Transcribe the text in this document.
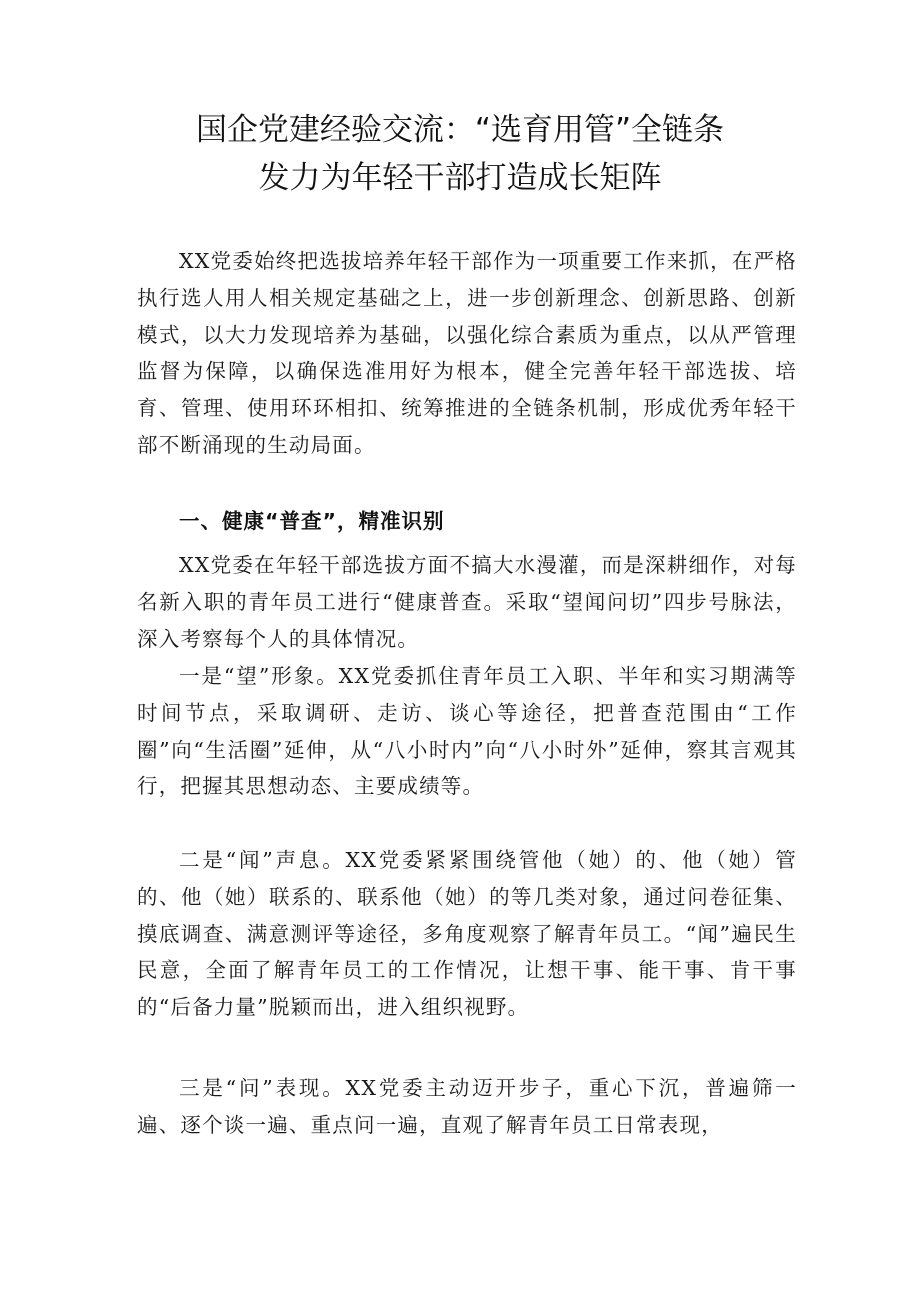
国企党建经验交流：“选育用管”全链条
发力为年轻干部打造成长矩阵

XX党委始终把选拔培养年轻干部作为一项重要工作来抓，在严格执行选人用人相关规定基础之上，进一步创新理念、创新思路、创新模式，以大力发现培养为基础，以强化综合素质为重点，以从严管理监督为保障，以确保选准用好为根本，健全完善年轻干部选拔、培育、管理、使用环环相扣、统筹推进的全链条机制，形成优秀年轻干部不断涌现的生动局面。

一、健康“普查”，精准识别

XX党委在年轻干部选拔方面不搞大水漫灌，而是深耕细作，对每名新入职的青年员工进行“健康普查。采取“望闻问切”四步号脉法，深入考察每个人的具体情况。

一是“望”形象。XX党委抓住青年员工入职、半年和实习期满等时间节点，采取调研、走访、谈心等途径，把普查范围由“工作圈”向“生活圈”延伸，从“八小时内”向“八小时外”延伸，察其言观其行，把握其思想动态、主要成绩等。

二是“闻”声息。XX党委紧紧围绕管他（她）的、他（她）管的、他（她）联系的、联系他（她）的等几类对象，通过问卷征集、摸底调查、满意测评等途径，多角度观察了解青年员工。“闻”遍民生民意，全面了解青年员工的工作情况，让想干事、能干事、肯干事的“后备力量”脱颖而出，进入组织视野。

三是“问”表现。XX党委主动迈开步子，重心下沉，普遍筛一遍、逐个谈一遍、重点问一遍，直观了解青年员工日常表现，
